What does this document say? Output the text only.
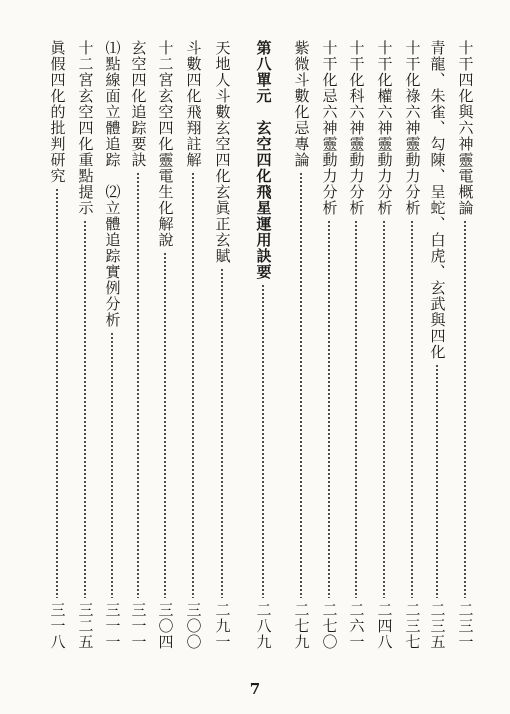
十干四化與六神靈電概論
二三一
青龍、朱雀、勾陳、呈蛇、白虎、玄武與四化
二三五
十干化祿六神靈動力分析
二三七
十干化權六神靈動力分析
二四八
十干化科六神靈動力分析
二六一
十干化忌六神靈動力分析
二七〇
紫微斗數化忌專論
二七九
第八單元　玄空四化飛星運用訣要
二八九
天地人斗數玄空四化玄眞正玄賦
二九一
斗數四化飛翔註解
三〇〇
十二宮玄空四化靈電生化解說
三〇四
玄空四化追踪要訣
三一一
⑴點線面立體追踪　⑵立體追踪實例分析
三一一
十二宮玄空四化重點提示
三二五
眞假四化的批判研究
三一八
7
